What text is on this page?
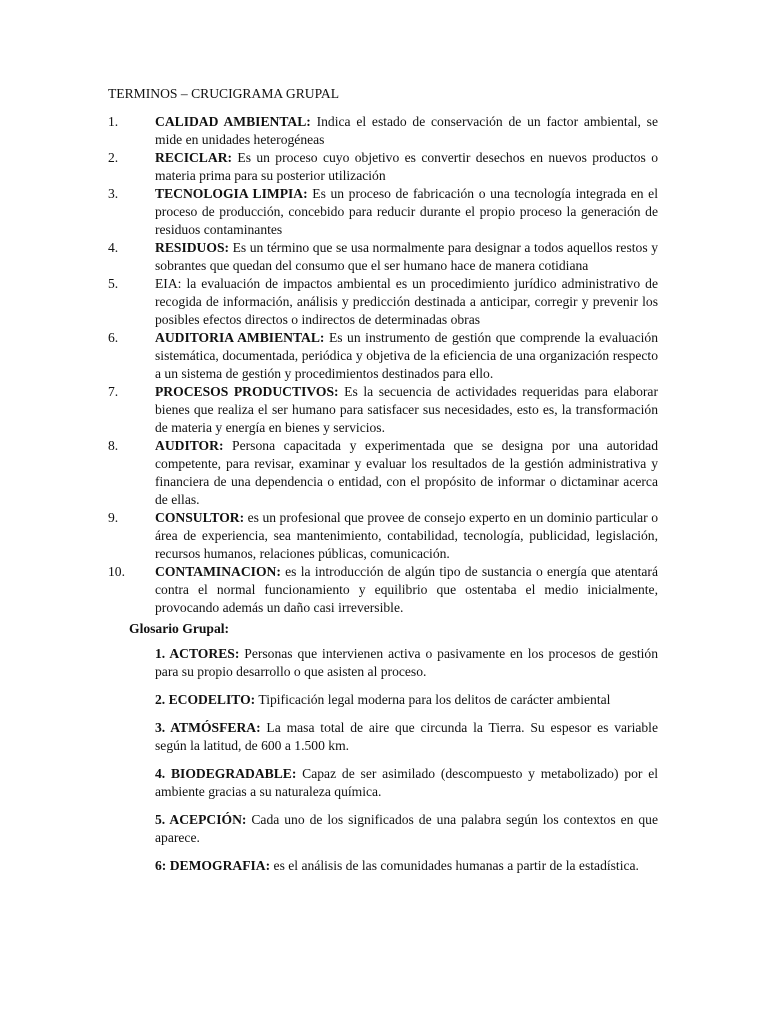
TERMINOS – CRUCIGRAMA GRUPAL
1.	CALIDAD AMBIENTAL: Indica el estado de conservación de un factor ambiental, se mide en unidades heterogéneas
2.	RECICLAR: Es un proceso cuyo objetivo es convertir desechos en nuevos productos o materia prima para su posterior utilización
3.	TECNOLOGIA LIMPIA: Es un proceso de fabricación o una tecnología integrada en el proceso de producción, concebido para reducir durante el propio proceso la generación de residuos contaminantes
4.	RESIDUOS: Es un término que se usa normalmente para designar a todos aquellos restos y sobrantes que quedan del consumo que el ser humano hace de manera cotidiana
5.	EIA: la evaluación de impactos ambiental es un procedimiento jurídico administrativo de recogida de información, análisis y predicción destinada a anticipar, corregir y prevenir los posibles efectos directos o indirectos de determinadas obras
6.	AUDITORIA AMBIENTAL: Es un instrumento de gestión que comprende la evaluación sistemática, documentada, periódica y objetiva de la eficiencia de una organización respecto a un sistema de gestión y procedimientos destinados para ello.
7.	PROCESOS PRODUCTIVOS: Es la secuencia de actividades requeridas para elaborar bienes que realiza el ser humano para satisfacer sus necesidades, esto es, la transformación de materia y energía en bienes y servicios.
8.	AUDITOR: Persona capacitada y experimentada que se designa por una autoridad competente, para revisar, examinar y evaluar los resultados de la gestión administrativa y financiera de una dependencia o entidad, con el propósito de informar o dictaminar acerca de ellas.
9.	CONSULTOR: es un profesional que provee de consejo experto en un dominio particular o área de experiencia, sea mantenimiento, contabilidad, tecnología, publicidad, legislación, recursos humanos, relaciones públicas, comunicación.
10.	CONTAMINACION: es la introducción de algún tipo de sustancia o energía que atentará contra el normal funcionamiento y equilibrio que ostentaba el medio inicialmente, provocando además un daño casi irreversible.
Glosario Grupal:

1. ACTORES: Personas que intervienen activa o pasivamente en los procesos de gestión para su propio desarrollo o que asisten al proceso.

2. ECODELITO: Tipificación legal moderna para los delitos de carácter ambiental

3. ATMÓSFERA: La masa total de aire que circunda la Tierra. Su espesor es variable según la latitud, de 600 a 1.500 km.

4. BIODEGRADABLE: Capaz de ser asimilado (descompuesto y metabolizado) por el ambiente gracias a su naturaleza química.

5. ACEPCIÓN: Cada uno de los significados de una palabra según los contextos en que aparece.

6: DEMOGRAFIA: es el análisis de las comunidades humanas a partir de la estadística.
